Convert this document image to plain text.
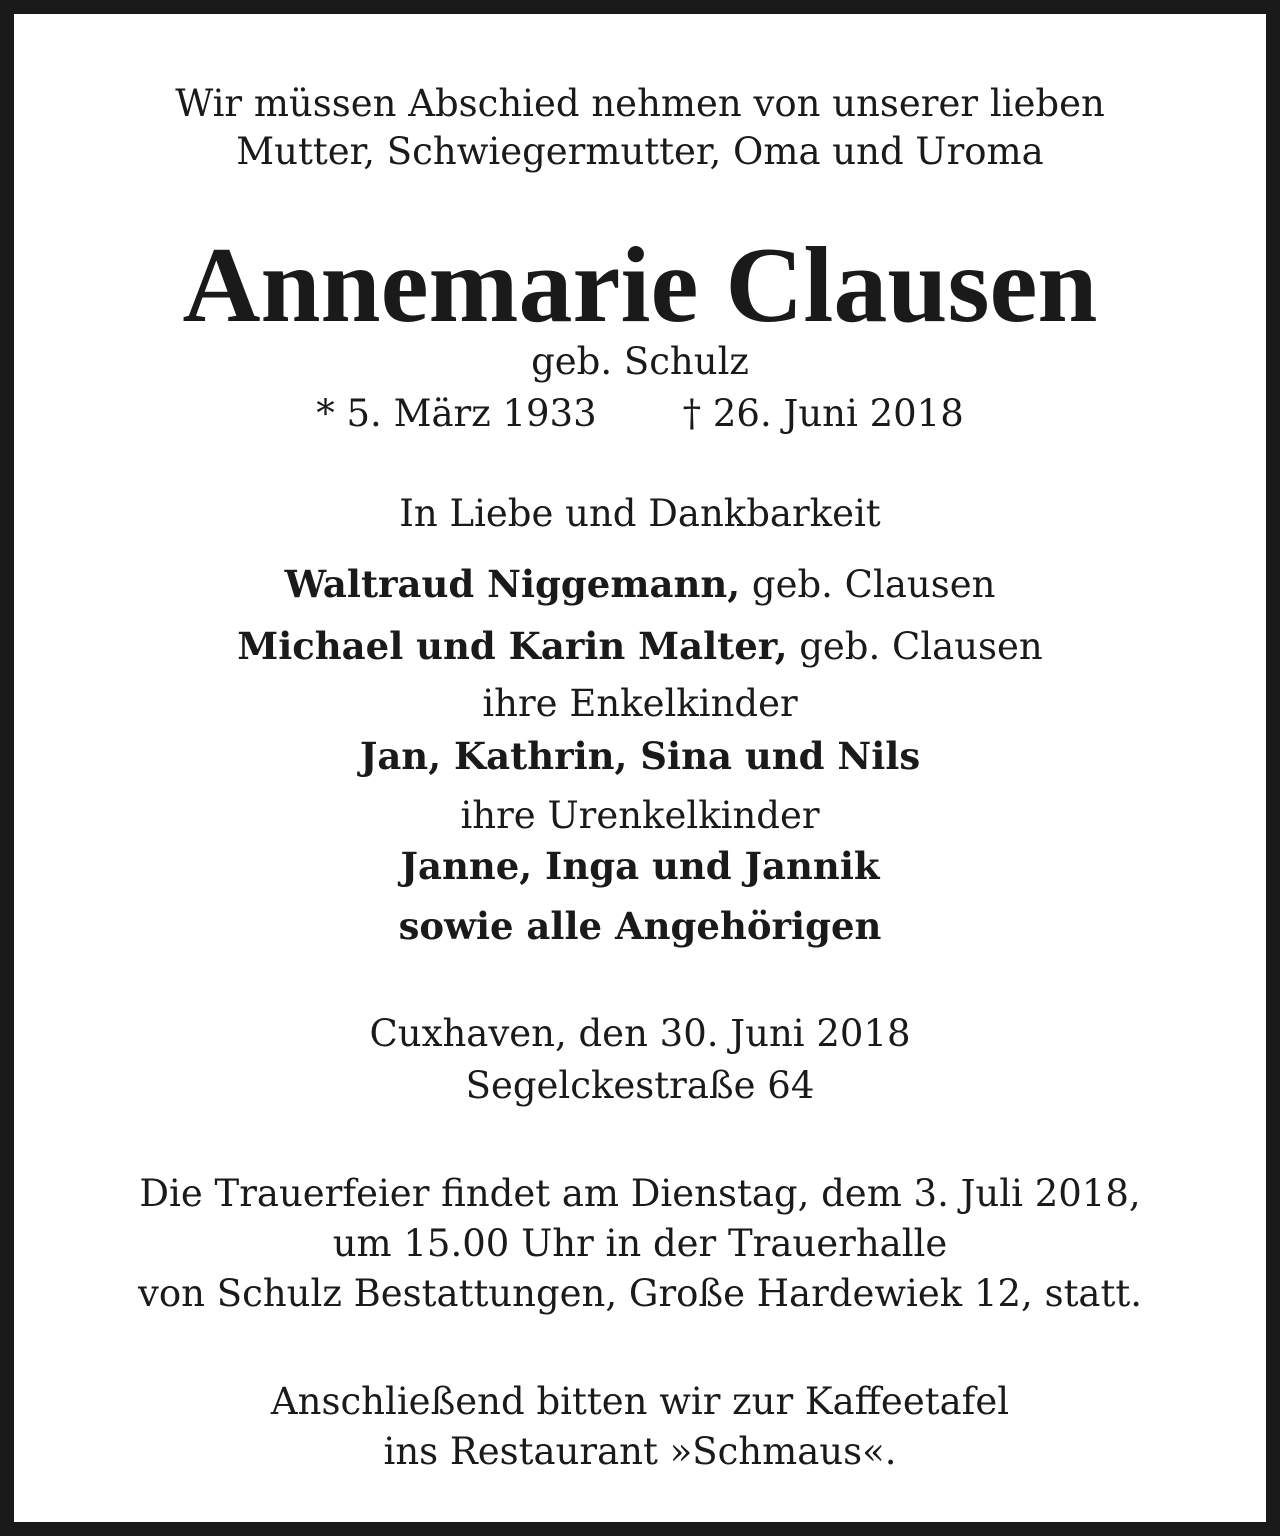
Wir müssen Abschied nehmen von unserer lieben
Mutter, Schwiegermutter, Oma und Uroma
Annemarie Clausen
geb. Schulz
* 5. März 1933 † 26. Juni 2018
In Liebe und Dankbarkeit
Waltraud Niggemann, geb. Clausen
Michael und Karin Malter, geb. Clausen
ihre Enkelkinder
Jan, Kathrin, Sina und Nils
ihre Urenkelkinder
Janne, Inga und Jannik
sowie alle Angehörigen
Cuxhaven, den 30. Juni 2018
Segelckestraße 64
Die Trauerfeier findet am Dienstag, dem 3. Juli 2018,
um 15.00 Uhr in der Trauerhalle
von Schulz Bestattungen, Große Hardewiek 12, statt.
Anschließend bitten wir zur Kaffeetafel
ins Restaurant »Schmaus«.
